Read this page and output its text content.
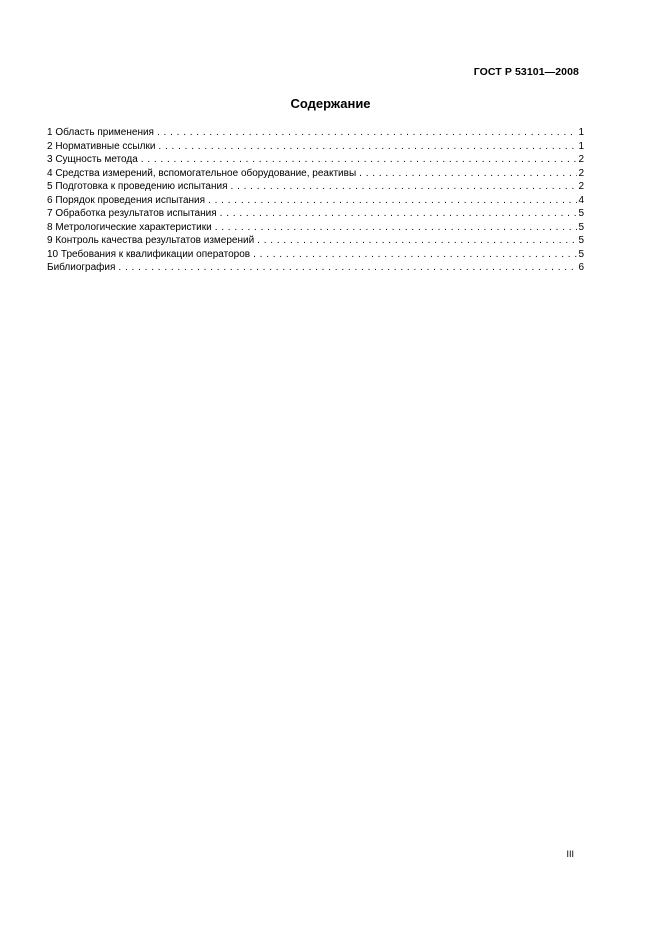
ГОСТ Р 53101—2008
Содержание
1 Область применения . . .	1
2 Нормативные ссылки . . .	1
3 Сущность метода . . .	2
4 Средства измерений, вспомогательное оборудование, реактивы . . .	2
5 Подготовка к проведению испытания . . .	2
6 Порядок проведения испытания . . .	4
7 Обработка результатов испытания . . .	5
8 Метрологические характеристики . . .	5
9 Контроль качества результатов измерений . . .	5
10 Требования к квалификации операторов . . .	5
Библиография . . .	6
III
